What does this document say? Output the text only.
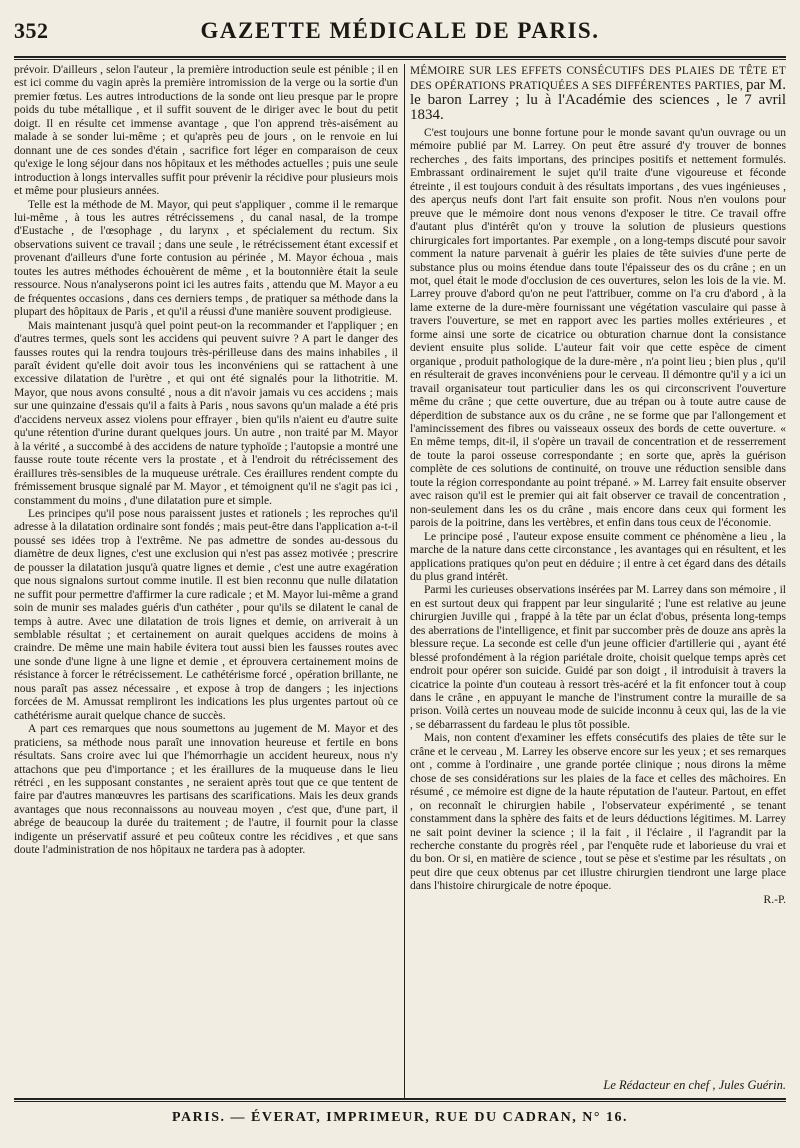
352	GAZETTE MÉDICALE DE PARIS.

prévoir. D'ailleurs , selon l'auteur , la première introduction seule est pénible ; il en est ici comme du vagin après la première intromission de la verge ou la sortie d'un premier fœtus. Les autres introductions de la sonde ont lieu presque par le propre poids du tube métallique , et il suffit souvent de le diriger avec le bout du petit doigt. Il en résulte cet immense avantage , que l'on apprend très-aisément au malade à se sonder lui-même ; et qu'après peu de jours , on le renvoie en lui donnant une de ces sondes d'étain , sacrifice fort léger en comparaison de ceux qu'exige le long séjour dans nos hôpitaux et les méthodes actuelles ; puis une seule introduction à longs intervalles suffit pour prévenir la récidive pour plusieurs mois et même pour plusieurs années.

Telle est la méthode de M. Mayor, qui peut s'appliquer , comme il le remarque lui-même , à tous les autres rétrécissemens , du canal nasal, de la trompe d'Eustache , de l'œsophage , du larynx , et spécialement du rectum. Six observations suivent ce travail ; dans une seule , le rétrécissement étant excessif et provenant d'ailleurs d'une forte contusion au périnée , M. Mayor échoua , mais toutes les autres méthodes échouèrent de même , et la boutonnière était la seule ressource. Nous n'analyserons point ici les autres faits , attendu que M. Mayor a eu de fréquentes occasions , dans ces derniers temps , de pratiquer sa méthode dans la plupart des hôpitaux de Paris , et qu'il a réussi d'une manière souvent prodigieuse.

Mais maintenant jusqu'à quel point peut-on la recommander et l'appliquer ; en d'autres termes, quels sont les accidens qui peuvent suivre ? A part le danger des fausses routes qui la rendra toujours très-périlleuse dans des mains inhabiles , il paraît évident qu'elle doit avoir tous les inconvéniens qui se rattachent à une excessive dilatation de l'urètre , et qui ont été signalés pour la lithotritie. M. Mayor, que nous avons consulté , nous a dit n'avoir jamais vu ces accidens ; mais sur une quinzaine d'essais qu'il a faits à Paris , nous savons qu'un malade a été pris d'accidens nerveux assez violens pour effrayer , bien qu'ils n'aient eu d'autre suite qu'une rétention d'urine durant quelques jours. Un autre , non traité par M. Mayor à la vérité , a succombé à des accidens de nature typhoïde ; l'autopsie a montré une fausse route toute récente vers la prostate , et à l'endroit du rétrécissement des éraillures très-sensibles de la muqueuse urétrale. Ces éraillures rendent compte du frémissement brusque signalé par M. Mayor , et témoignent qu'il ne s'agit pas ici , constamment du moins , d'une dilatation pure et simple.

Les principes qu'il pose nous paraissent justes et rationels ; les reproches qu'il adresse à la dilatation ordinaire sont fondés ; mais peut-être dans l'application a-t-il poussé ses idées trop à l'extrême. Ne pas admettre de sondes au-dessous du diamètre de deux lignes, c'est une exclusion qui n'est pas assez motivée ; prescrire de pousser la dilatation jusqu'à quatre lignes et demie , c'est une autre exagération que nous signalons surtout comme inutile. Il est bien reconnu que nulle dilatation ne suffit pour permettre d'affirmer la cure radicale ; et M. Mayor lui-même a grand soin de munir ses malades guéris d'un cathéter , pour qu'ils se dilatent le canal de temps à autre. Avec une dilatation de trois lignes et demie, on arriverait à un semblable résultat ; et certainement on aurait quelques accidens de moins à craindre. De même une main habile évitera tout aussi bien les fausses routes avec une sonde d'une ligne à une ligne et demie , et éprouvera certainement moins de résistance à forcer le rétrécissement. Le cathétérisme forcé , opération brillante, ne nous paraît pas assez nécessaire , et expose à trop de dangers ; les injections forcées de M. Amussat rempliront les indications les plus urgentes partout où ce cathétérisme aurait quelque chance de succès.

A part ces remarques que nous soumettons au jugement de M. Mayor et des praticiens, sa méthode nous paraît une innovation heureuse et fertile en bons résultats. Sans croire avec lui que l'hémorrhagie un accident heureux, nous n'y attachons que peu d'importance ; et les éraillures de la muqueuse dans le lieu rétréci , en les supposant constantes , ne seraient après tout que ce que tentent de faire par d'autres manœuvres les partisans des scarifications. Mais les deux grands avantages que nous reconnaissons au nouveau moyen , c'est que, d'une part, il abrége de beaucoup la durée du traitement ; de l'autre, il fournit pour la classe indigente un préservatif assuré et peu coûteux contre les récidives , et que sans doute l'administration de nos hôpitaux ne tardera pas à adopter.

MÉMOIRE SUR LES EFFETS CONSÉCUTIFS DES PLAIES DE TÊTE ET DES OPÉRATIONS PRATIQUÉES A SES DIFFÉRENTES PARTIES, par M. le baron Larrey ; lu à l'Académie des sciences , le 7 avril 1834.

C'est toujours une bonne fortune pour le monde savant qu'un ouvrage ou un mémoire publié par M. Larrey. On peut être assuré d'y trouver de bonnes recherches , des faits importans, des principes positifs et nettement formulés. Embrassant ordinairement le sujet qu'il traite d'une vigoureuse et féconde étreinte , il est toujours conduit à des résultats importans , des vues ingénieuses , des aperçus neufs dont l'art fait ensuite son profit. Nous n'en voulons pour preuve que le mémoire dont nous venons d'exposer le titre. Ce travail offre d'autant plus d'intérêt qu'on y trouve la solution de plusieurs questions chirurgicales fort importantes. Par exemple , on a long-temps discuté pour savoir comment la nature parvenait à guérir les plaies de tête suivies d'une perte de substance plus ou moins étendue dans toute l'épaisseur des os du crâne ; en un mot, quel était le mode d'occlusion de ces ouvertures, selon les lois de la vie. M. Larrey prouve d'abord qu'on ne peut l'attribuer, comme on l'a cru d'abord , à la lame externe de la dure-mère fournissant une végétation vasculaire qui passe à travers l'ouverture, se met en rapport avec les parties molles extérieures , et forme ainsi une sorte de cicatrice ou obturation charnue dont la consistance devient ensuite plus solide. L'auteur fait voir que cette espèce de ciment organique , produit pathologique de la dure-mère , n'a point lieu ; bien plus , qu'il en résulterait de graves inconvéniens pour le cerveau. Il démontre qu'il y a ici un travail organisateur tout particulier dans les os qui circonscrivent l'ouverture même du crâne ; que cette ouverture, due au trépan ou à toute autre cause de déperdition de substance aux os du crâne , ne se forme que par l'allongement et l'amincissement des fibres ou vaisseaux osseux des bords de cette ouverture. « En même temps, dit-il, il s'opère un travail de concentration et de resserrement de toute la paroi osseuse correspondante ; en sorte que, après la guérison complète de ces solutions de continuité, on trouve une réduction sensible dans toute la région correspondante au point trépané. » M. Larrey fait ensuite observer avec raison qu'il est le premier qui ait fait observer ce travail de concentration , non-seulement dans les os du crâne , mais encore dans ceux qui forment les parois de la poitrine, dans les vertèbres, et enfin dans tous ceux de l'économie.

Le principe posé , l'auteur expose ensuite comment ce phénomène a lieu , la marche de la nature dans cette circonstance , les avantages qui en résultent, et les applications pratiques qu'on peut en déduire ; il entre à cet égard dans des détails du plus grand intérêt.

Parmi les curieuses observations insérées par M. Larrey dans son mémoire , il en est surtout deux qui frappent par leur singularité ; l'une est relative au jeune chirurgien Juville qui , frappé à la tête par un éclat d'obus, présenta long-temps des aberrations de l'intelligence, et finit par succomber près de douze ans après la blessure reçue. La seconde est celle d'un jeune officier d'artillerie qui , ayant été blessé profondément à la région pariétale droite, choisit quelque temps après cet endroit pour opérer son suicide. Guidé par son doigt , il introduisit à travers la cicatrice la pointe d'un couteau à ressort très-acéré et la fit enfoncer tout à coup dans le crâne , en appuyant le manche de l'instrument contre la muraille de sa prison. Voilà certes un nouveau mode de suicide inconnu à ceux qui, las de la vie , se débarrassent du fardeau le plus tôt possible.

Mais, non content d'examiner les effets consécutifs des plaies de tête sur le crâne et le cerveau , M. Larrey les observe encore sur les yeux ; et ses remarques ont , comme à l'ordinaire , une grande portée clinique ; nous dirons la même chose de ses considérations sur les plaies de la face et celles des mâchoires. En résumé , ce mémoire est digne de la haute réputation de l'auteur. Partout, en effet , on reconnaît le chirurgien habile , l'observateur expérimenté , se tenant constamment dans la sphère des faits et de leurs déductions légitimes. M. Larrey ne sait point deviner la science ; il la fait , il l'éclaire , il l'agrandit par la recherche constante du progrès réel , par l'enquête rude et laborieuse du vrai et du bon. Or si, en matière de science , tout se pèse et s'estime par les résultats , on peut dire que ceux obtenus par cet illustre chirurgien tiendront une large place dans l'histoire chirurgicale de notre époque.

R.-P.

Le Rédacteur en chef , Jules Guérin.
PARIS. — ÉVERAT, IMPRIMEUR, RUE DU CADRAN, N° 16.
